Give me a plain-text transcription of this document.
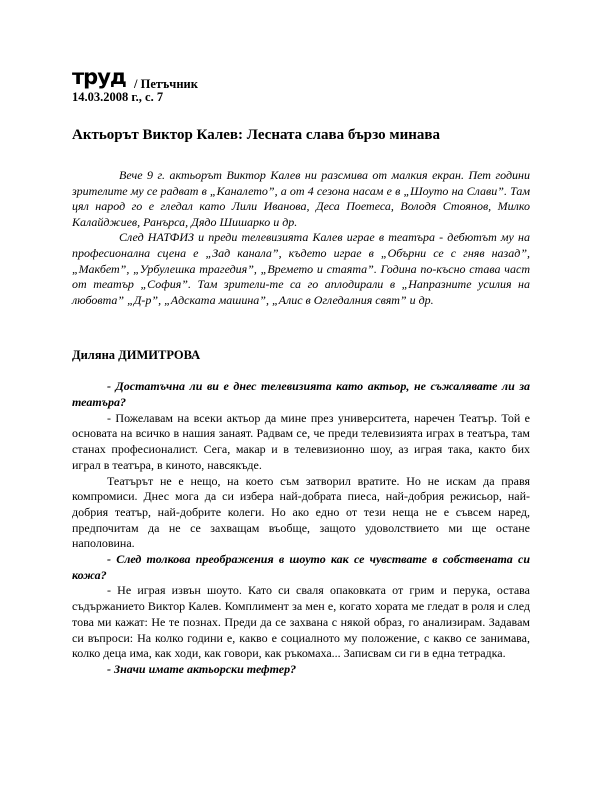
труд / Петъчник
14.03.2008 г., с. 7
Актьорът Виктор Калев: Лесната слава бързо минава

Вече 9 г. актьорът Виктор Калев ни разсмива от малкия екран. Пет години зрителите му се радват в „Каналето”, а от 4 сезона насам е в „Шоуто на Слави”. Там цял народ го е гледал като Лили Иванова, Деса Поетеса, Володя Стоянов, Милко Калайджиев, Ранърса, Дядо Шишарко и др.

След НАТФИЗ и преди телевизията Калев играе в театъра - дебютът му на професионална сцена е „Зад канала”, където играе в „Обърни се с гняв назад”, „Макбет”, „Урбулешка трагедия”, „Времето и стаята”. Година по-късно става част от театър „София”. Там зрители-те са го аплодирали в „Напразните усилия на любовта” „Д-р”, „Адската машина”, „Алис в Огледалния свят” и др.

Диляна ДИМИТРОВА

- Достатъчна ли ви е днес телевизията като актьор, не съжалявате ли за театъра?

- Пожелавам на всеки актьор да мине през университета, наречен Театър. Той е основата на всичко в нашия занаят. Радвам се, че преди телевизията играх в театъра, там станах професионалист. Сега, макар и в телевизионно шоу, аз играя така, както бих играл в театъра, в киното, навсякъде.

Театърът не е нещо, на което съм затворил вратите. Но не искам да правя компромиси. Днес мога да си избера най-добрата пиеса, най-добрия режисьор, най-добрия театър, най-добрите колеги. Но ако едно от тези неща не е съвсем наред, предпочитам да не се захващам въобще, защото удоволствието ми ще остане наполовина.

- След толкова преображения в шоуто как се чувствате в собствената си кожа?

- Не играя извън шоуто. Като си сваля опаковката от грим и перука, остава съдържанието Виктор Калев. Комплимент за мен е, когато хората ме гледат в роля и след това ми кажат: Не те познах. Преди да се захвана с някой образ, го анализирам. Задавам си въпроси: На колко години е, какво е социалното му положение, с какво се занимава, колко деца има, как ходи, как говори, как ръкомаха... Записвам си ги в една тетрадка.

- Значи имате актьорски тефтер?
